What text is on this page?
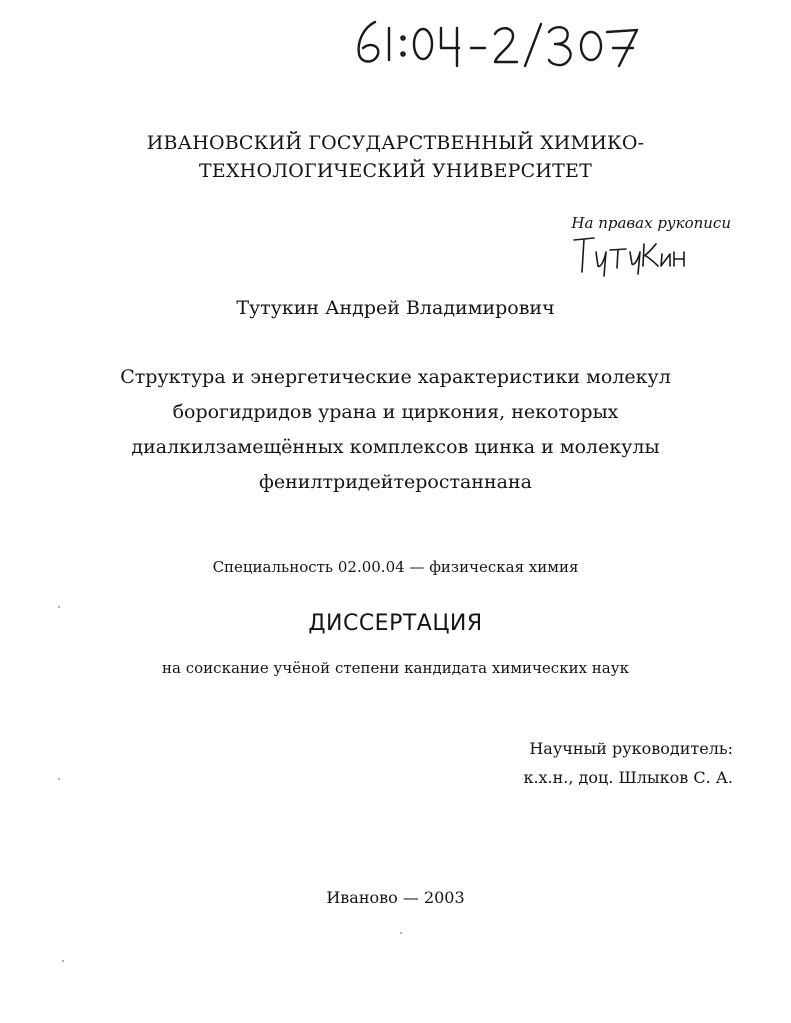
ИВАНОВСКИЙ ГОСУДАРСТВЕННЫЙ ХИМИКО-

ТЕХНОЛОГИЧЕСКИЙ УНИВЕРСИТЕТ

На правах рукописи

Тутукин Андрей Владимирович

Структура и энергетические характеристики молекул

борогидридов урана и циркония, некоторых

диалкилзамещённых комплексов цинка и молекулы

фенилтридейтеростаннана

Специальность 02.00.04 — физическая химия

ДИССЕРТАЦИЯ

на соискание учёной степени кандидата химических наук

Научный руководитель:

к.х.н., доц. Шлыков С. А.

Иваново — 2003
